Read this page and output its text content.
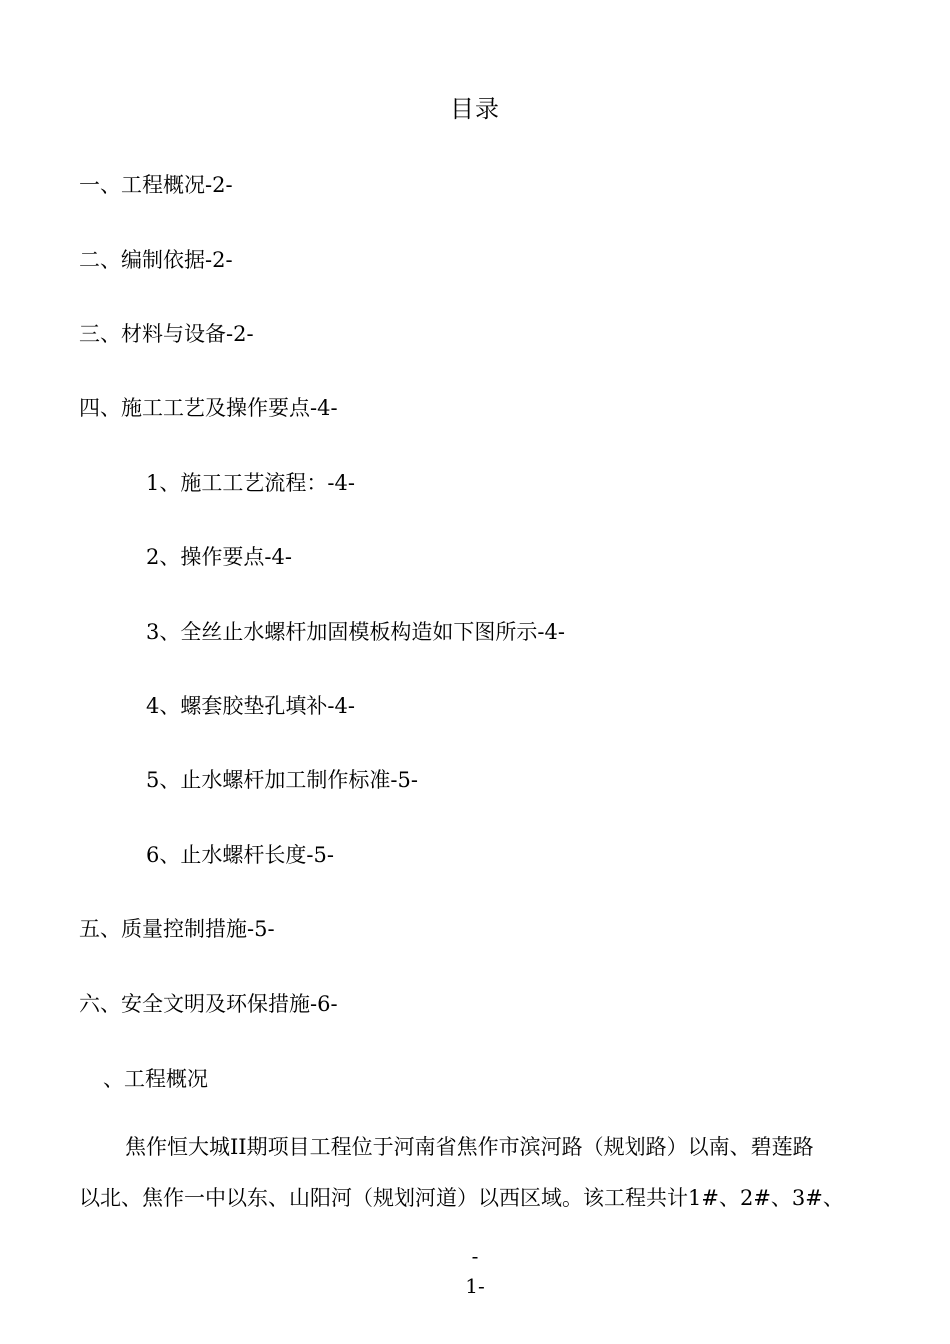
目录
一、工程概况-2-
二、编制依据-2-
三、材料与设备-2-
四、施工工艺及操作要点-4-
1、施工工艺流程：-4-
2、操作要点-4-
3、全丝止水螺杆加固模板构造如下图所示-4-
4、螺套胶垫孔填补-4-
5、止水螺杆加工制作标准-5-
6、止水螺杆长度-5-
五、质量控制措施-5-
六、安全文明及环保措施-6-
、工程概况
焦作恒大城II期项目工程位于河南省焦作市滨河路（规划路）以南、碧莲路
以北、焦作一中以东、山阳河（规划河道）以西区域。该工程共计1#、2#、3#、
-
1-
